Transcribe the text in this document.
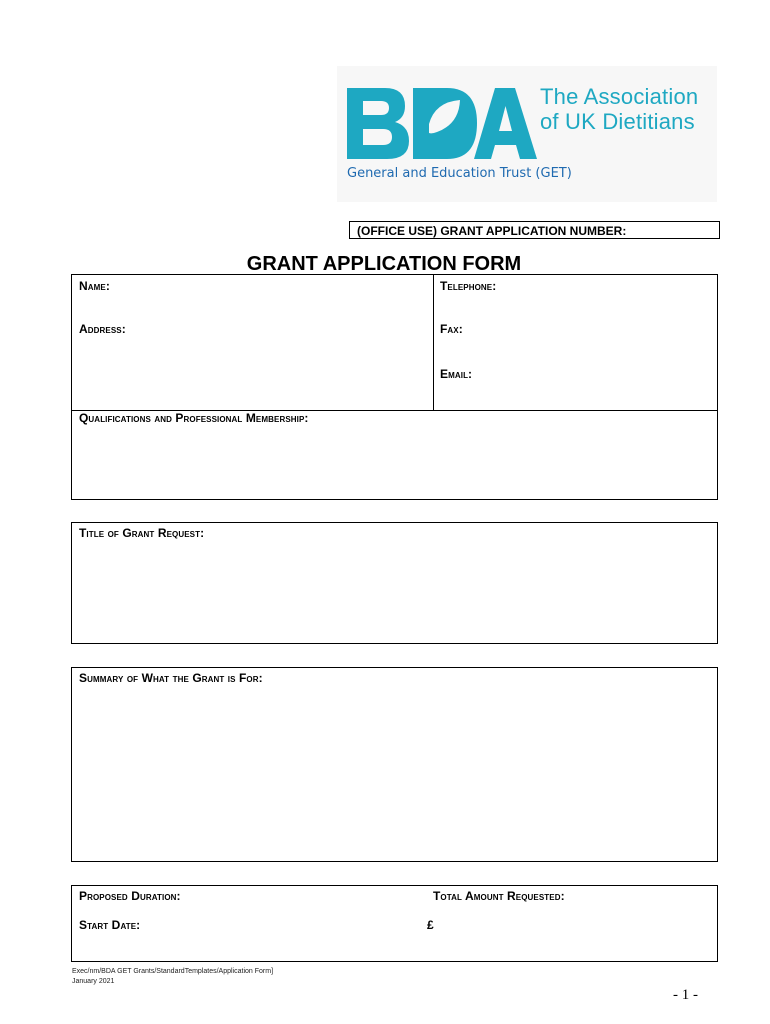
The Association
of UK Dietitians
General and Education Trust (GET)
(OFFICE USE) GRANT APPLICATION NUMBER:
GRANT APPLICATION FORM
Name:	Telephone:
Address:	Fax:
Email:
Qualifications and Professional Membership:
Title of Grant Request:
Summary of What the Grant is For:
Proposed Duration:	Total Amount Requested:
Start Date:	£
Exec/nm/BDA GET Grants/StandardTemplates/Application Form]
January 2021
- 1 -
